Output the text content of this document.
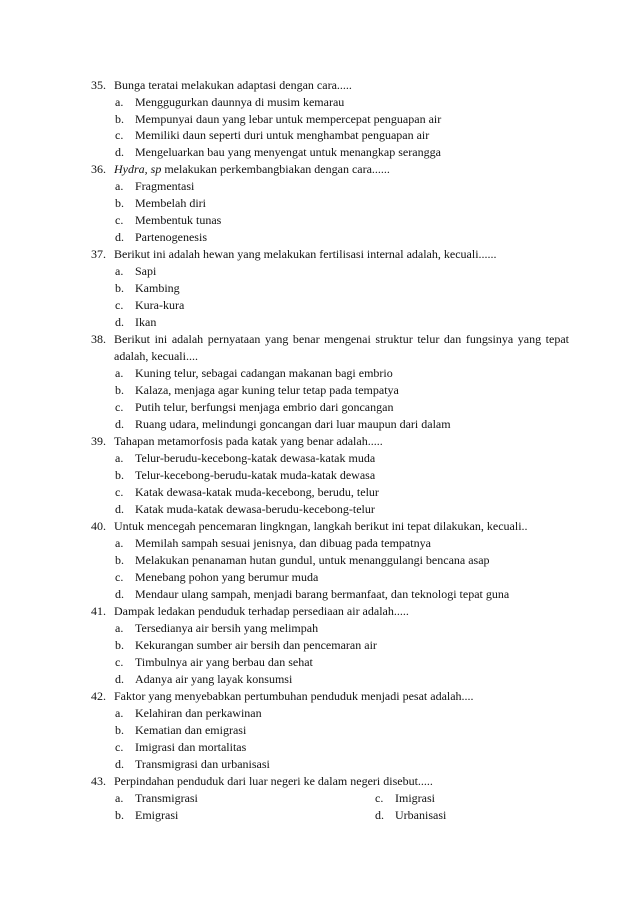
35. Bunga teratai melakukan adaptasi dengan cara.....
a. Menggugurkan daunnya di musim kemarau
b. Mempunyai daun yang lebar untuk mempercepat penguapan air
c. Memiliki daun seperti duri untuk menghambat penguapan air
d. Mengeluarkan bau yang menyengat untuk menangkap serangga
36. Hydra, sp melakukan perkembangbiakan dengan cara......
a. Fragmentasi
b. Membelah diri
c. Membentuk tunas
d. Partenogenesis
37. Berikut ini adalah hewan yang melakukan fertilisasi internal adalah, kecuali......
a. Sapi
b. Kambing
c. Kura-kura
d. Ikan
38. Berikut ini adalah pernyataan yang benar mengenai struktur telur dan fungsinya yang tepat adalah, kecuali....
a. Kuning telur, sebagai cadangan makanan bagi embrio
b. Kalaza, menjaga agar kuning telur tetap pada tempatya
c. Putih telur, berfungsi menjaga embrio dari goncangan
d. Ruang udara, melindungi goncangan dari luar maupun dari dalam
39. Tahapan metamorfosis pada katak yang benar adalah.....
a. Telur-berudu-kecebong-katak dewasa-katak muda
b. Telur-kecebong-berudu-katak muda-katak dewasa
c. Katak dewasa-katak muda-kecebong, berudu, telur
d. Katak muda-katak dewasa-berudu-kecebong-telur
40. Untuk mencegah pencemaran lingkngan, langkah berikut ini tepat dilakukan, kecuali..
a. Memilah sampah sesuai jenisnya, dan dibuag pada tempatnya
b. Melakukan penanaman hutan gundul, untuk menanggulangi bencana asap
c. Menebang pohon yang berumur muda
d. Mendaur ulang sampah, menjadi barang bermanfaat, dan teknologi tepat guna
41. Dampak ledakan penduduk terhadap persediaan air adalah.....
a. Tersedianya air bersih yang melimpah
b. Kekurangan sumber air bersih dan pencemaran air
c. Timbulnya air yang berbau dan sehat
d. Adanya air yang layak konsumsi
42. Faktor yang menyebabkan pertumbuhan penduduk menjadi pesat adalah....
a. Kelahiran dan perkawinan
b. Kematian dan emigrasi
c. Imigrasi dan mortalitas
d. Transmigrasi dan urbanisasi
43. Perpindahan penduduk dari luar negeri ke dalam negeri disebut.....
a. Transmigrasi	c. Imigrasi
b. Emigrasi	d. Urbanisasi
